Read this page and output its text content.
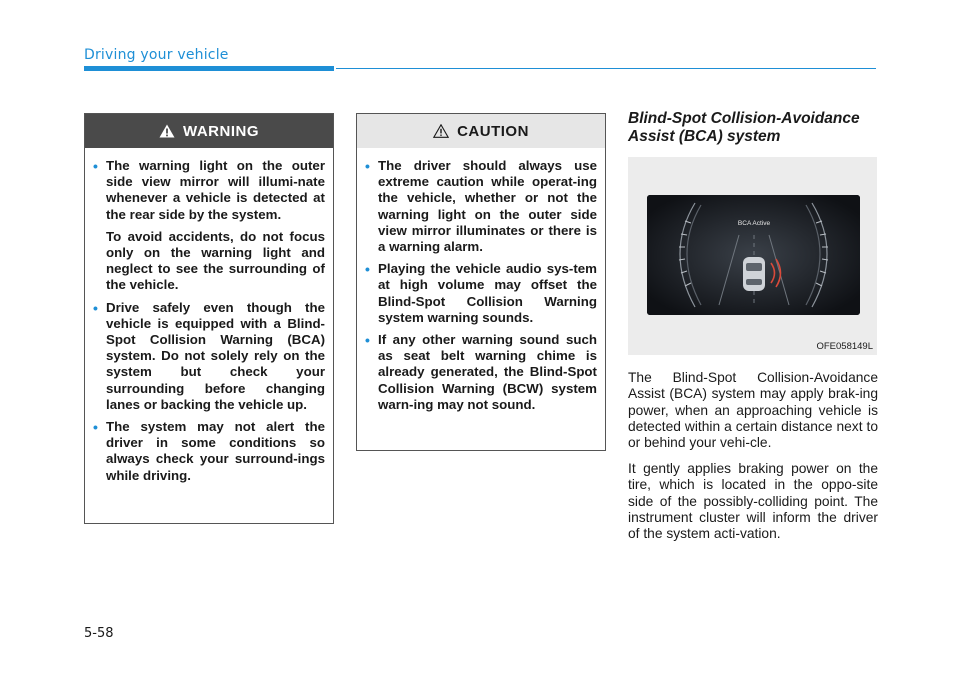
Driving your vehicle
WARNING
• The warning light on the outer side view mirror will illumi-nate whenever a vehicle is detected at the rear side by the system.

To avoid accidents, do not focus only on the warning light and neglect to see the surrounding of the vehicle.

• Drive safely even though the vehicle is equipped with a Blind-Spot Collision Warning (BCA) system. Do not solely rely on the system but check your surrounding before changing lanes or backing the vehicle up.

• The system may not alert the driver in some conditions so always check your surround-ings while driving.

CAUTION
• The driver should always use extreme caution while operat-ing the vehicle, whether or not the warning light on the outer side view mirror illuminates or there is a warning alarm.

• Playing the vehicle audio sys-tem at high volume may offset the Blind-Spot Collision Warning system warning sounds.

• If any other warning sound such as seat belt warning chime is already generated, the Blind-Spot Collision Warning (BCW) system warn-ing may not sound.

Blind-Spot Collision-Avoidance Assist (BCA) system
BCA Active
OFE058149L

The Blind-Spot Collision-Avoidance Assist (BCA) system may apply brak-ing power, when an approaching vehicle is detected within a certain distance next to or behind your vehi-cle.

It gently applies braking power on the tire, which is located in the oppo-site side of the possibly-colliding point. The instrument cluster will inform the driver of the system acti-vation.

5-58
